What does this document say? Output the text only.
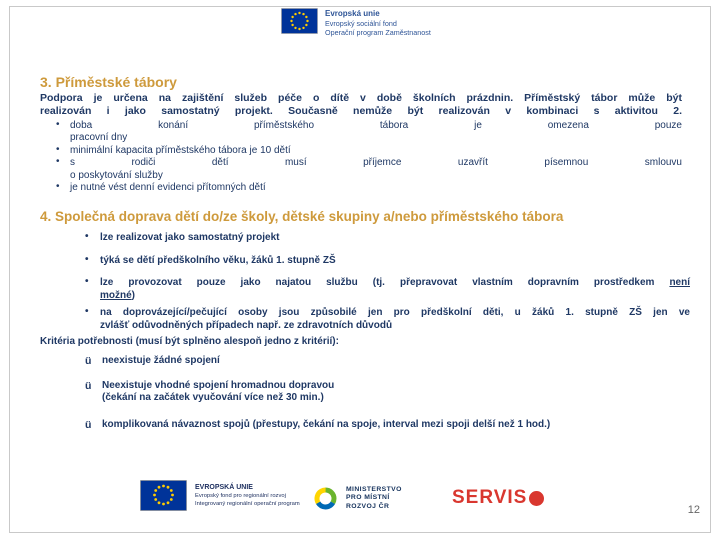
Evropská unie
Evropský sociální fond
Operační program Zaměstnanost
3. Příměstské tábory
Podpora je určena na zajištění služeb péče o dítě v době školních prázdnin. Příměstský tábor může být
realizován i jako samostatný projekt. Současně nemůže být realizován v kombinaci s aktivitou 2.
• doba konání příměstského tábora je omezena pouze
pracovní dny
• minimální kapacita příměstského tábora je 10 dětí
• s rodiči dětí musí příjemce uzavřít písemnou smlouvu
o poskytování služby
• je nutné vést denní evidenci přítomných dětí
4. Společná doprava dětí do/ze školy, dětské skupiny a/nebo příměstského tábora
• lze realizovat jako samostatný projekt
• týká se dětí předškolního věku, žáků 1. stupně ZŠ
• lze provozovat pouze jako najatou službu (tj. přepravovat vlastním dopravním prostředkem není
možné)
• na doprovázející/pečující osoby jsou způsobilé jen pro předškolní děti, u žáků 1. stupně ZŠ jen ve
zvlášť odůvodněných případech např. ze zdravotních důvodů
Kritéria potřebnosti (musí být splněno alespoň jedno z kritérií):
ü neexistuje žádné spojení
ü Neexistuje vhodné spojení hromadnou dopravou
(čekání na začátek vyučování více než 30 min.)
ü komplikovaná návaznost spojů (přestupy, čekání na spoje, interval mezi spoji delší než 1 hod.)
EVROPSKÁ UNIE
Evropský fond pro regionální rozvoj
Integrovaný regionální operační program
MINISTERSTVO
PRO MÍSTNÍ
ROZVOJ ČR	SERVIS
12
